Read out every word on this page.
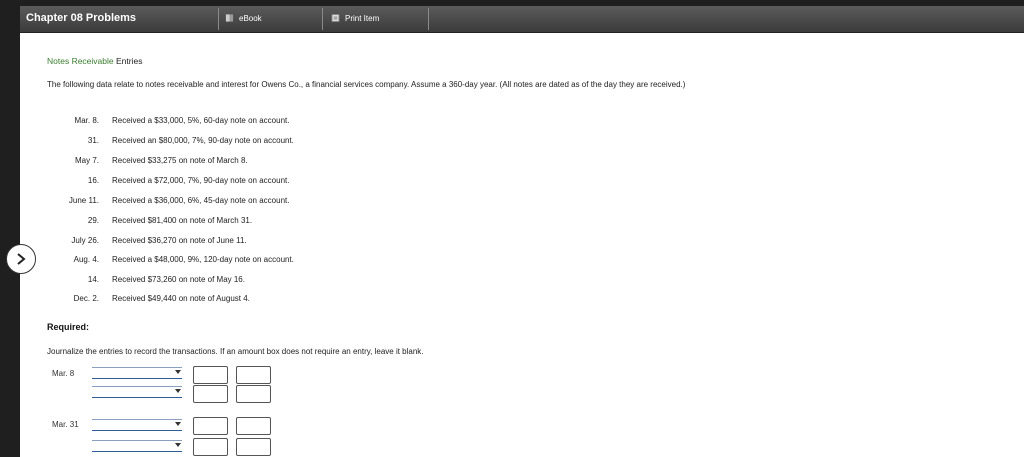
Chapter 08 Problems	eBook	Print Item
Notes Receivable Entries
The following data relate to notes receivable and interest for Owens Co., a financial services company. Assume a 360-day year. (All notes are dated as of the day they are received.)
Mar. 8. Received a $33,000, 5%, 60-day note on account.
31. Received an $80,000, 7%, 90-day note on account.
May 7. Received $33,275 on note of March 8.
16. Received a $72,000, 7%, 90-day note on account.
June 11. Received a $36,000, 6%, 45-day note on account.
29. Received $81,400 on note of March 31.
July 26. Received $36,270 on note of June 11.
Aug. 4. Received a $48,000, 9%, 120-day note on account.
14. Received $73,260 on note of May 16.
Dec. 2. Received $49,440 on note of August 4.
Required:
Journalize the entries to record the transactions. If an amount box does not require an entry, leave it blank.
Mar. 8
Mar. 31
